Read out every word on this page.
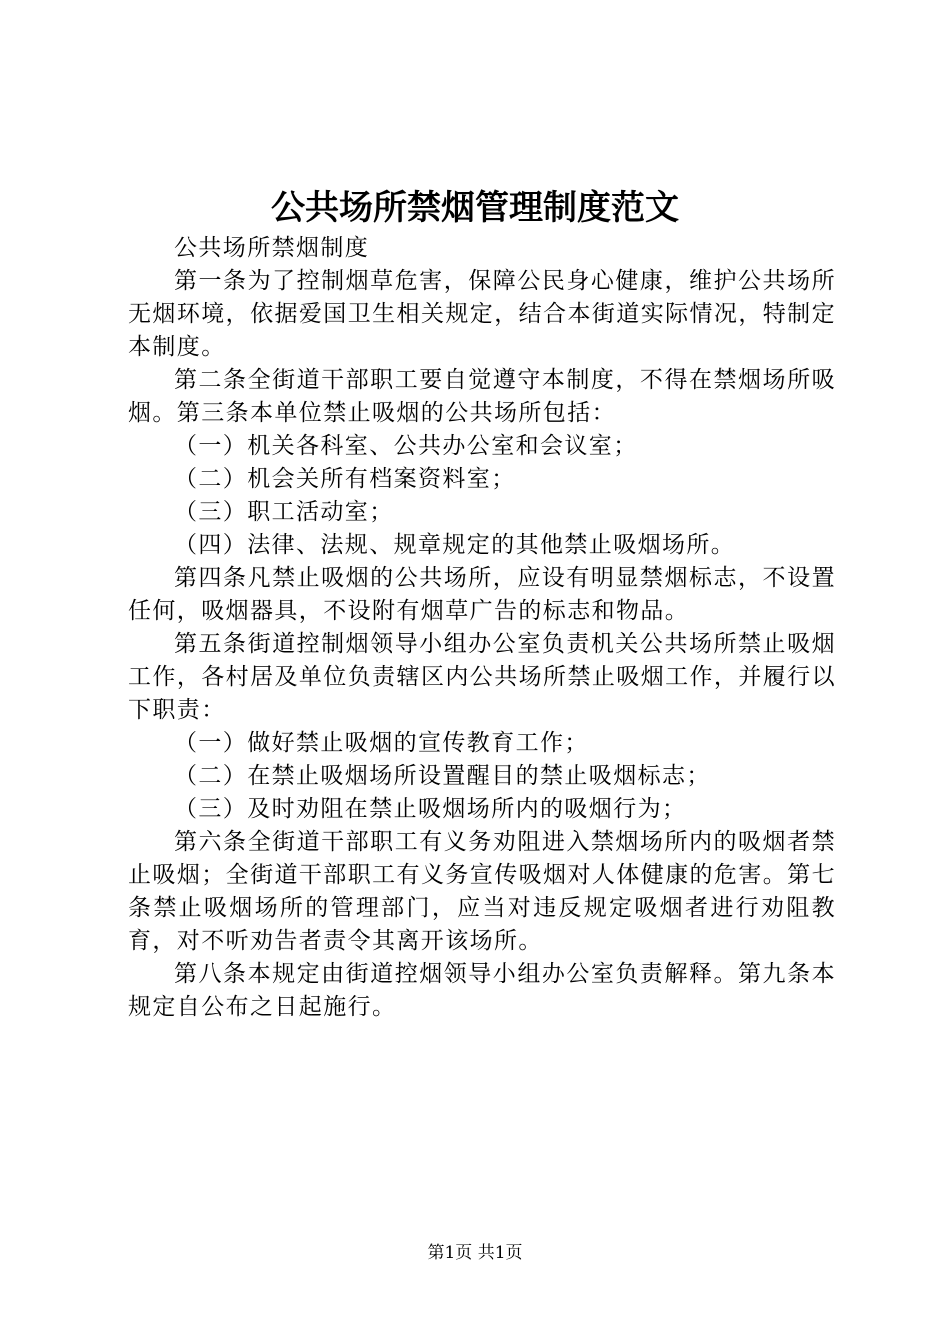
公共场所禁烟管理制度范文

公共场所禁烟制度

第一条为了控制烟草危害，保障公民身心健康，维护公共场所无烟环境，依据爱国卫生相关规定，结合本街道实际情况，特制定本制度。

第二条全街道干部职工要自觉遵守本制度，不得在禁烟场所吸烟。第三条本单位禁止吸烟的公共场所包括：

（一）机关各科室、公共办公室和会议室；

（二）机会关所有档案资料室；

（三）职工活动室；

（四）法律、法规、规章规定的其他禁止吸烟场所。

第四条凡禁止吸烟的公共场所，应设有明显禁烟标志，不设置任何，吸烟器具，不设附有烟草广告的标志和物品。

第五条街道控制烟领导小组办公室负责机关公共场所禁止吸烟工作，各村居及单位负责辖区内公共场所禁止吸烟工作，并履行以下职责：

（一）做好禁止吸烟的宣传教育工作；

（二）在禁止吸烟场所设置醒目的禁止吸烟标志；

（三）及时劝阻在禁止吸烟场所内的吸烟行为；

第六条全街道干部职工有义务劝阻进入禁烟场所内的吸烟者禁止吸烟；全街道干部职工有义务宣传吸烟对人体健康的危害。第七条禁止吸烟场所的管理部门，应当对违反规定吸烟者进行劝阻教育，对不听劝告者责令其离开该场所。

第八条本规定由街道控烟领导小组办公室负责解释。第九条本规定自公布之日起施行。

第1页 共1页
